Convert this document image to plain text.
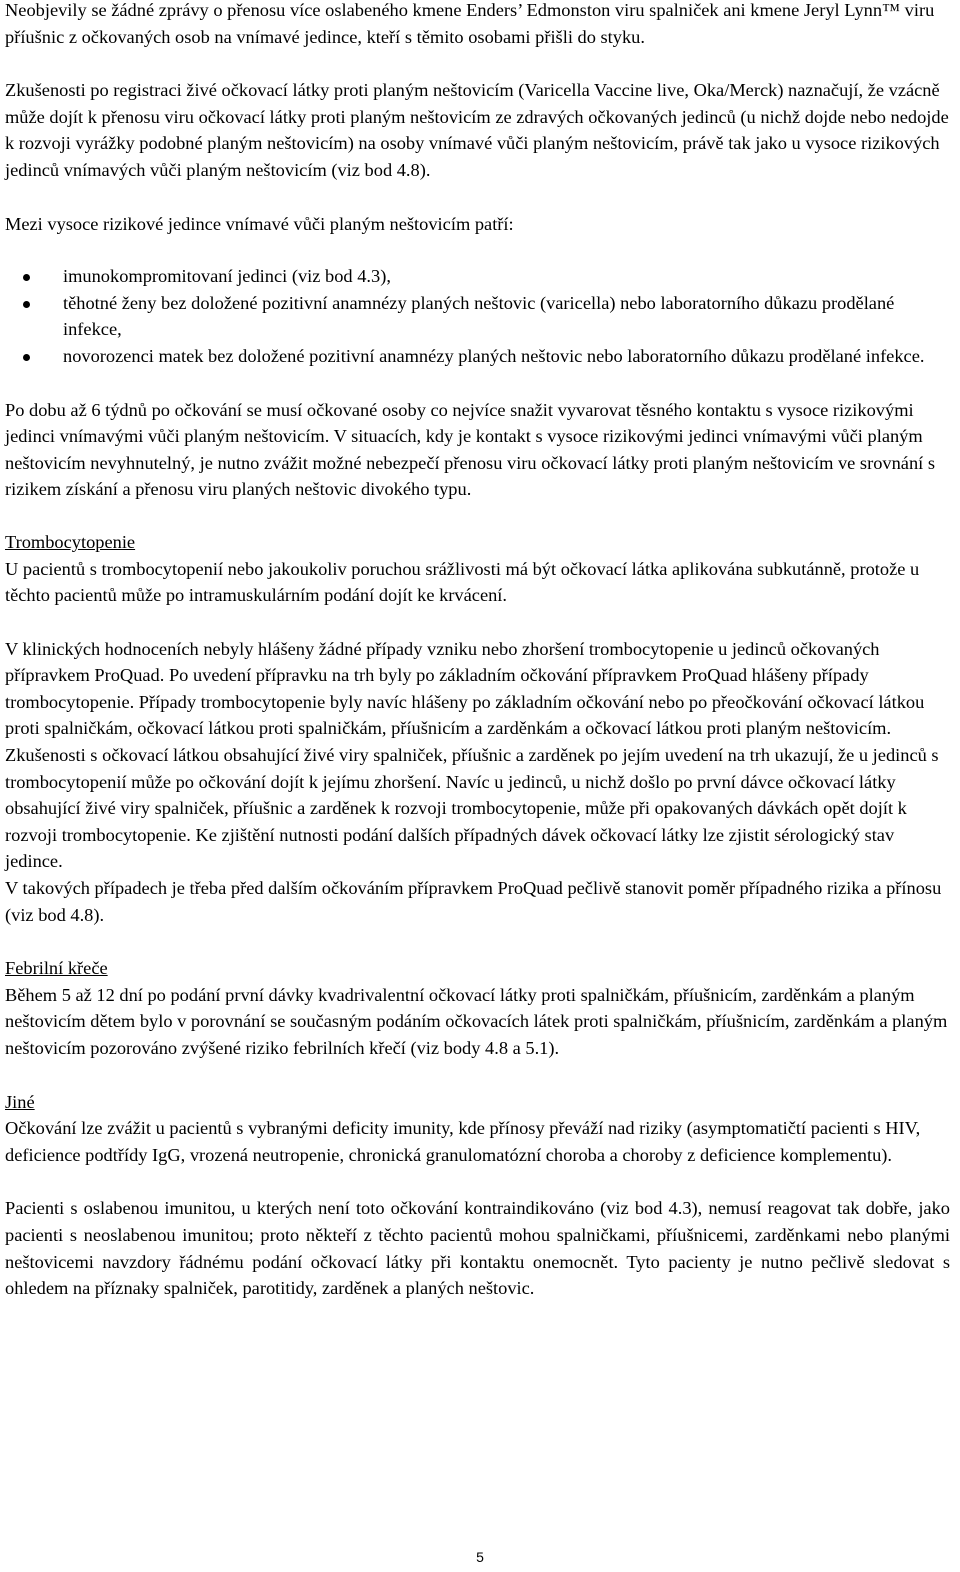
Neobjevily se žádné zprávy o přenosu více oslabeného kmene Enders’ Edmonston viru spalniček ani kmene Jeryl Lynn™ viru příušnic z očkovaných osob na vnímavé jedince, kteří s těmito osobami přišli do styku.

Zkušenosti po registraci živé očkovací látky proti planým neštovicím (Varicella Vaccine live, Oka/Merck) naznačují, že vzácně může dojít k přenosu viru očkovací látky proti planým neštovicím ze zdravých očkovaných jedinců (u nichž dojde nebo nedojde k rozvoji vyrážky podobné planým neštovicím) na osoby vnímavé vůči planým neštovicím, právě tak jako u vysoce rizikových jedinců vnímavých vůči planým neštovicím (viz bod 4.8).

Mezi vysoce rizikové jedince vnímavé vůči planým neštovicím patří:

imunokompromitovaní jedinci (viz bod 4.3),
těhotné ženy bez doložené pozitivní anamnézy planých neštovic (varicella) nebo laboratorního důkazu prodělané infekce,
novorozenci matek bez doložené pozitivní anamnézy planých neštovic nebo laboratorního důkazu prodělané infekce.

Po dobu až 6 týdnů po očkování se musí očkované osoby co nejvíce snažit vyvarovat těsného kontaktu s vysoce rizikovými jedinci vnímavými vůči planým neštovicím. V situacích, kdy je kontakt s vysoce rizikovými jedinci vnímavými vůči planým neštovicím nevyhnutelný, je nutno zvážit možné nebezpečí přenosu viru očkovací látky proti planým neštovicím ve srovnání s rizikem získání a přenosu viru planých neštovic divokého typu.

Trombocytopenie

U pacientů s trombocytopenií nebo jakoukoliv poruchou srážlivosti má být očkovací látka aplikována subkutánně, protože u těchto pacientů může po intramuskulárním podání dojít ke krvácení.

V klinických hodnoceních nebyly hlášeny žádné případy vzniku nebo zhoršení trombocytopenie u jedinců očkovaných přípravkem ProQuad. Po uvedení přípravku na trh byly po základním očkování přípravkem ProQuad hlášeny případy trombocytopenie. Případy trombocytopenie byly navíc hlášeny po základním očkování nebo po přeočkování očkovací látkou proti spalničkám, očkovací látkou proti spalničkám, příušnicím a zarděnkám a očkovací látkou proti planým neštovicím. Zkušenosti s očkovací látkou obsahující živé viry spalniček, příušnic a zarděnek po jejím uvedení na trh ukazují, že u jedinců s trombocytopenií může po očkování dojít k jejímu zhoršení. Navíc u jedinců, u nichž došlo po první dávce očkovací látky obsahující živé viry spalniček, příušnic a zarděnek k rozvoji trombocytopenie, může při opakovaných dávkách opět dojít k rozvoji trombocytopenie. Ke zjištění nutnosti podání dalších případných dávek očkovací látky lze zjistit sérologický stav jedince.

V takových případech je třeba před dalším očkováním přípravkem ProQuad pečlivě stanovit poměr případného rizika a přínosu (viz bod 4.8).

Febrilní křeče

Během 5 až 12 dní po podání první dávky kvadrivalentní očkovací látky proti spalničkám, příušnicím, zarděnkám a planým neštovicím dětem bylo v porovnání se současným podáním očkovacích látek proti spalničkám, příušnicím, zarděnkám a planým neštovicím pozorováno zvýšené riziko febrilních křečí (viz body 4.8 a 5.1).

Jiné

Očkování lze zvážit u pacientů s vybranými deficity imunity, kde přínosy převáží nad riziky (asymptomatičtí pacienti s HIV, deficience podtřídy IgG, vrozená neutropenie, chronická granulomatózní choroba a choroby z deficience komplementu).

Pacienti s oslabenou imunitou, u kterých není toto očkování kontraindikováno (viz bod 4.3), nemusí reagovat tak dobře, jako pacienti s neoslabenou imunitou; proto někteří z těchto pacientů mohou spalničkami, příušnicemi, zarděnkami nebo planými neštovicemi navzdory řádnému podání očkovací látky při kontaktu onemocnět. Tyto pacienty je nutno pečlivě sledovat s ohledem na příznaky spalniček, parotitidy, zarděnek a planých neštovic.

5
